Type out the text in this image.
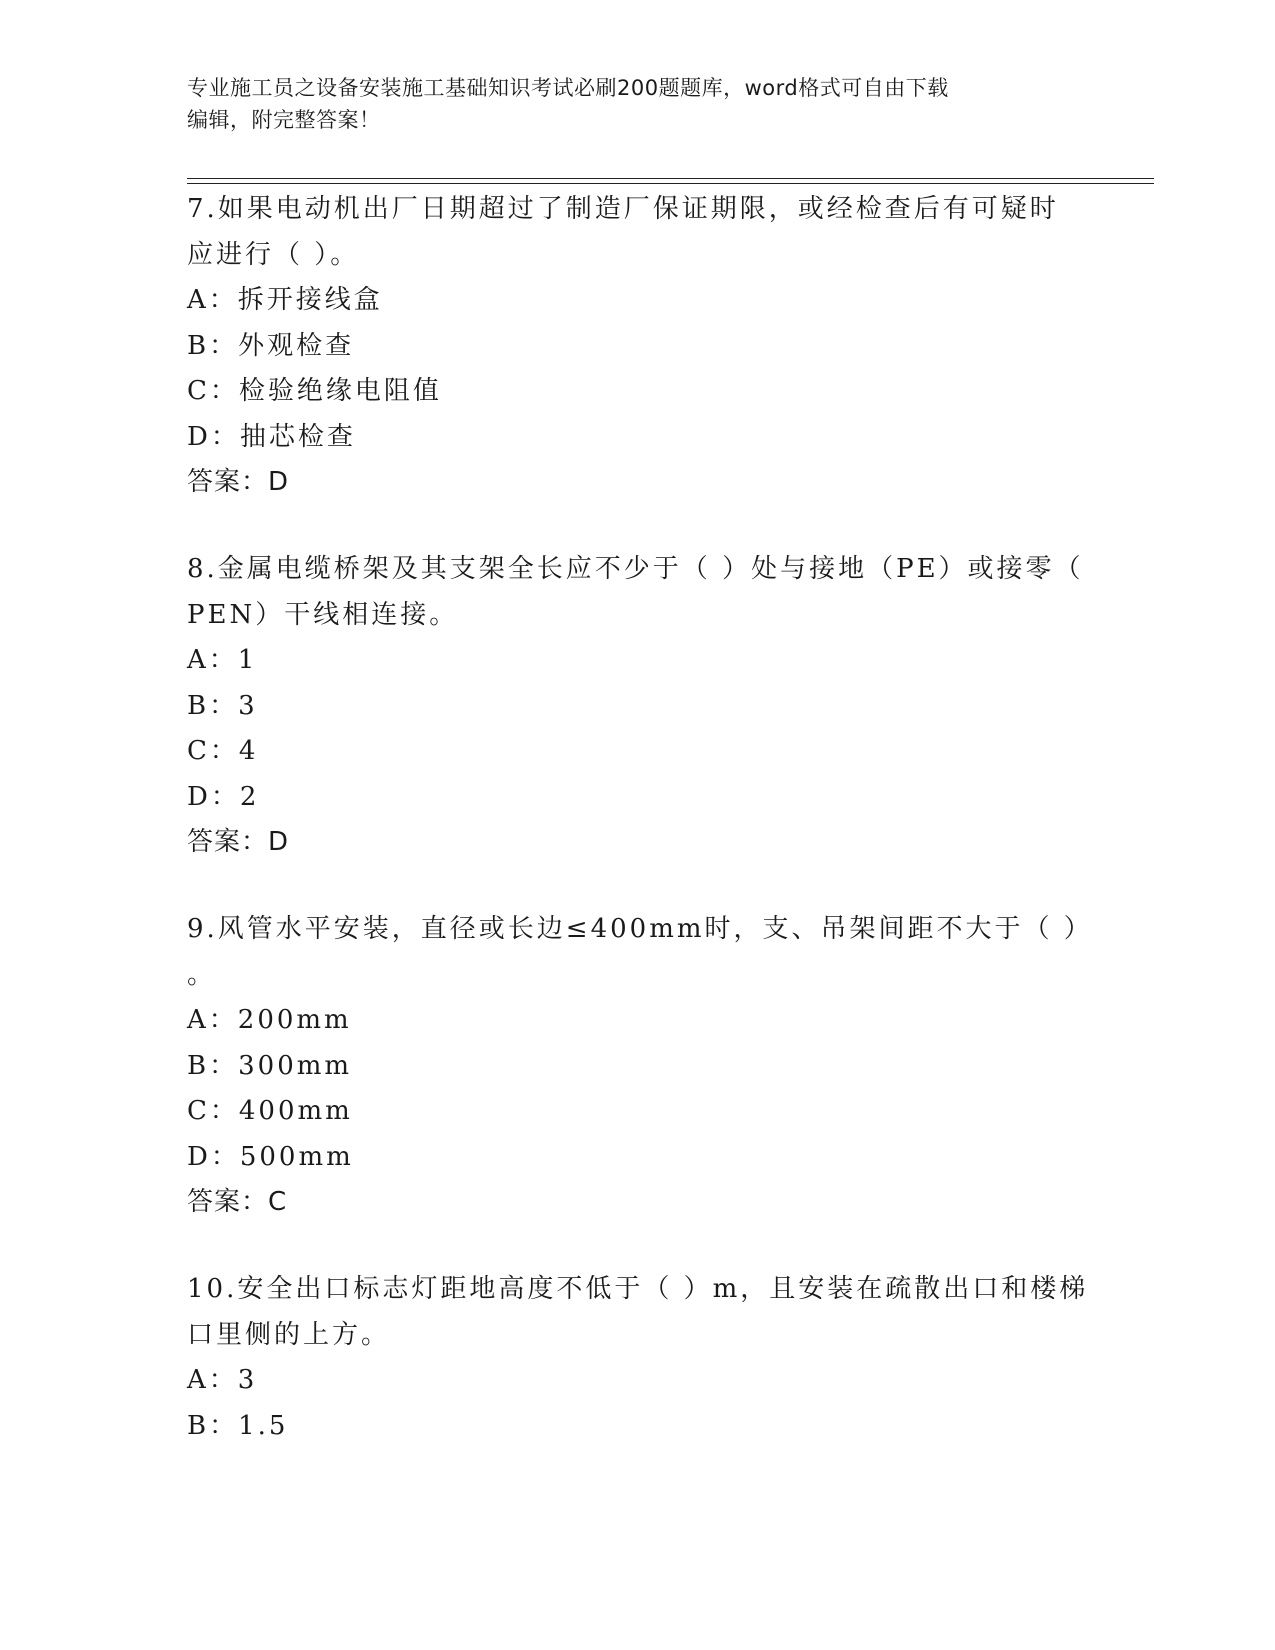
专业施工员之设备安装施工基础知识考试必刷200题题库，word格式可自由下载
编辑，附完整答案！
7.如果电动机出厂日期超过了制造厂保证期限，或经检查后有可疑时
应进行（ ）。
A：拆开接线盒
B：外观检查
C：检验绝缘电阻值
D：抽芯检查
答案：D
8.金属电缆桥架及其支架全长应不少于（ ）处与接地（PE）或接零（
PEN）干线相连接。
A：1
B：3
C：4
D：2
答案：D
9.风管水平安装，直径或长边≤400mm时，支、吊架间距不大于（ ）
。
A：200mm
B：300mm
C：400mm
D：500mm
答案：C
10.安全出口标志灯距地高度不低于（ ）m，且安装在疏散出口和楼梯
口里侧的上方。
A：3
B：1.5
